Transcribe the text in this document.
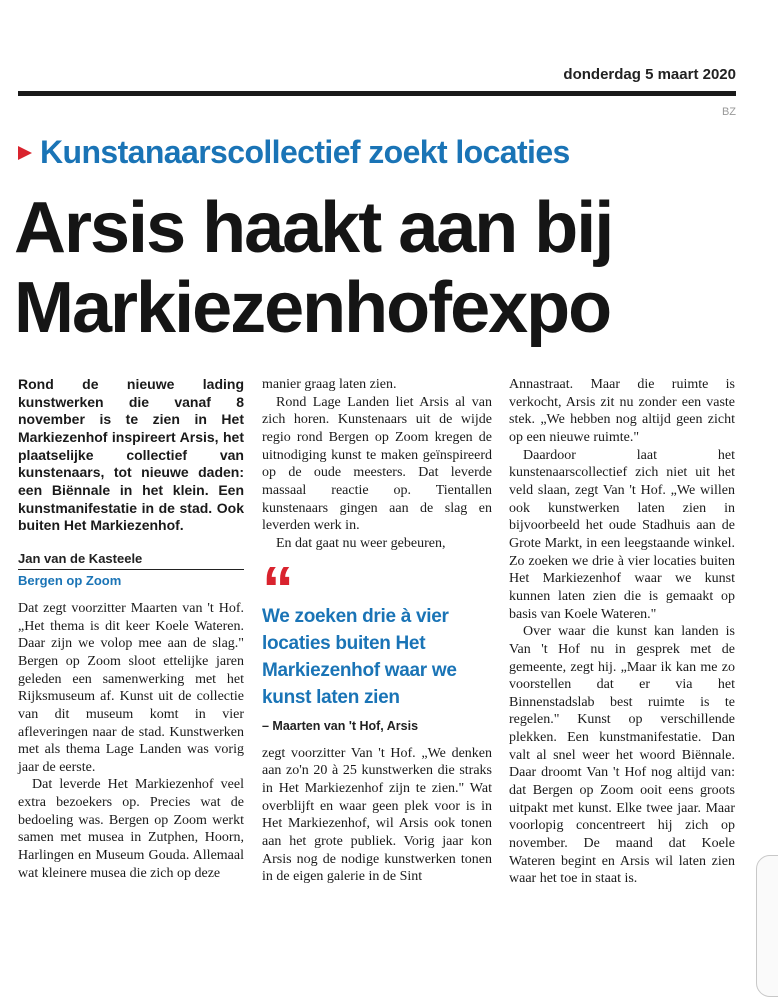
donderdag 5 maart 2020
BZ
Kunstanaarscollectief zoekt locaties
Arsis haakt aan bij Markiezenhofexpo

Rond de nieuwe lading kunstwerken die vanaf 8 november is te zien in Het Markiezenhof inspireert Arsis, het plaatselijke collectief van kunstenaars, tot nieuwe daden: een Biënnale in het klein. Een kunstmanifestatie in de stad. Ook buiten Het Markiezenhof.

Jan van de Kasteele
Bergen op Zoom

Dat zegt voorzitter Maarten van 't Hof. „Het thema is dit keer Koele Wateren. Daar zijn we volop mee aan de slag." Bergen op Zoom sloot ettelijke jaren geleden een samenwerking met het Rijksmuseum af. Kunst uit de collectie van dit museum komt in vier afleveringen naar de stad. Kunstwerken met als thema Lage Landen was vorig jaar de eerste.

Dat leverde Het Markiezenhof veel extra bezoekers op. Precies wat de bedoeling was. Bergen op Zoom werkt samen met musea in Zutphen, Hoorn, Harlingen en Museum Gouda. Allemaal wat kleinere musea die zich op deze

manier graag laten zien.

Rond Lage Landen liet Arsis al van zich horen. Kunstenaars uit de wijde regio rond Bergen op Zoom kregen de uitnodiging kunst te maken geïnspireerd op de oude meesters. Dat leverde massaal reactie op. Tientallen kunstenaars gingen aan de slag en leverden werk in.

En dat gaat nu weer gebeuren,

“
We zoeken drie à vier locaties buiten Het Markiezenhof waar we kunst laten zien
– Maarten van 't Hof, Arsis

zegt voorzitter Van 't Hof. „We denken aan zo'n 20 à 25 kunstwerken die straks in Het Markiezenhof zijn te zien." Wat overblijft en waar geen plek voor is in Het Markiezenhof, wil Arsis ook tonen aan het grote publiek. Vorig jaar kon Arsis nog de nodige kunstwerken tonen in de eigen galerie in de Sint

Annastraat. Maar die ruimte is verkocht, Arsis zit nu zonder een vaste stek. „We hebben nog altijd geen zicht op een nieuwe ruimte."

Daardoor laat het kunstenaarscollectief zich niet uit het veld slaan, zegt Van 't Hof. „We willen ook kunstwerken laten zien in bijvoorbeeld het oude Stadhuis aan de Grote Markt, in een leegstaande winkel. Zo zoeken we drie à vier locaties buiten Het Markiezenhof waar we kunst kunnen laten zien die is gemaakt op basis van Koele Wateren."

Over waar die kunst kan landen is Van 't Hof nu in gesprek met de gemeente, zegt hij. „Maar ik kan me zo voorstellen dat er via het Binnenstadslab best ruimte is te regelen." Kunst op verschillende plekken. Een kunstmanifestatie. Dan valt al snel weer het woord Biënnale. Daar droomt Van 't Hof nog altijd van: dat Bergen op Zoom ooit eens groots uitpakt met kunst. Elke twee jaar. Maar voorlopig concentreert hij zich op november. De maand dat Koele Wateren begint en Arsis wil laten zien waar het toe in staat is.
